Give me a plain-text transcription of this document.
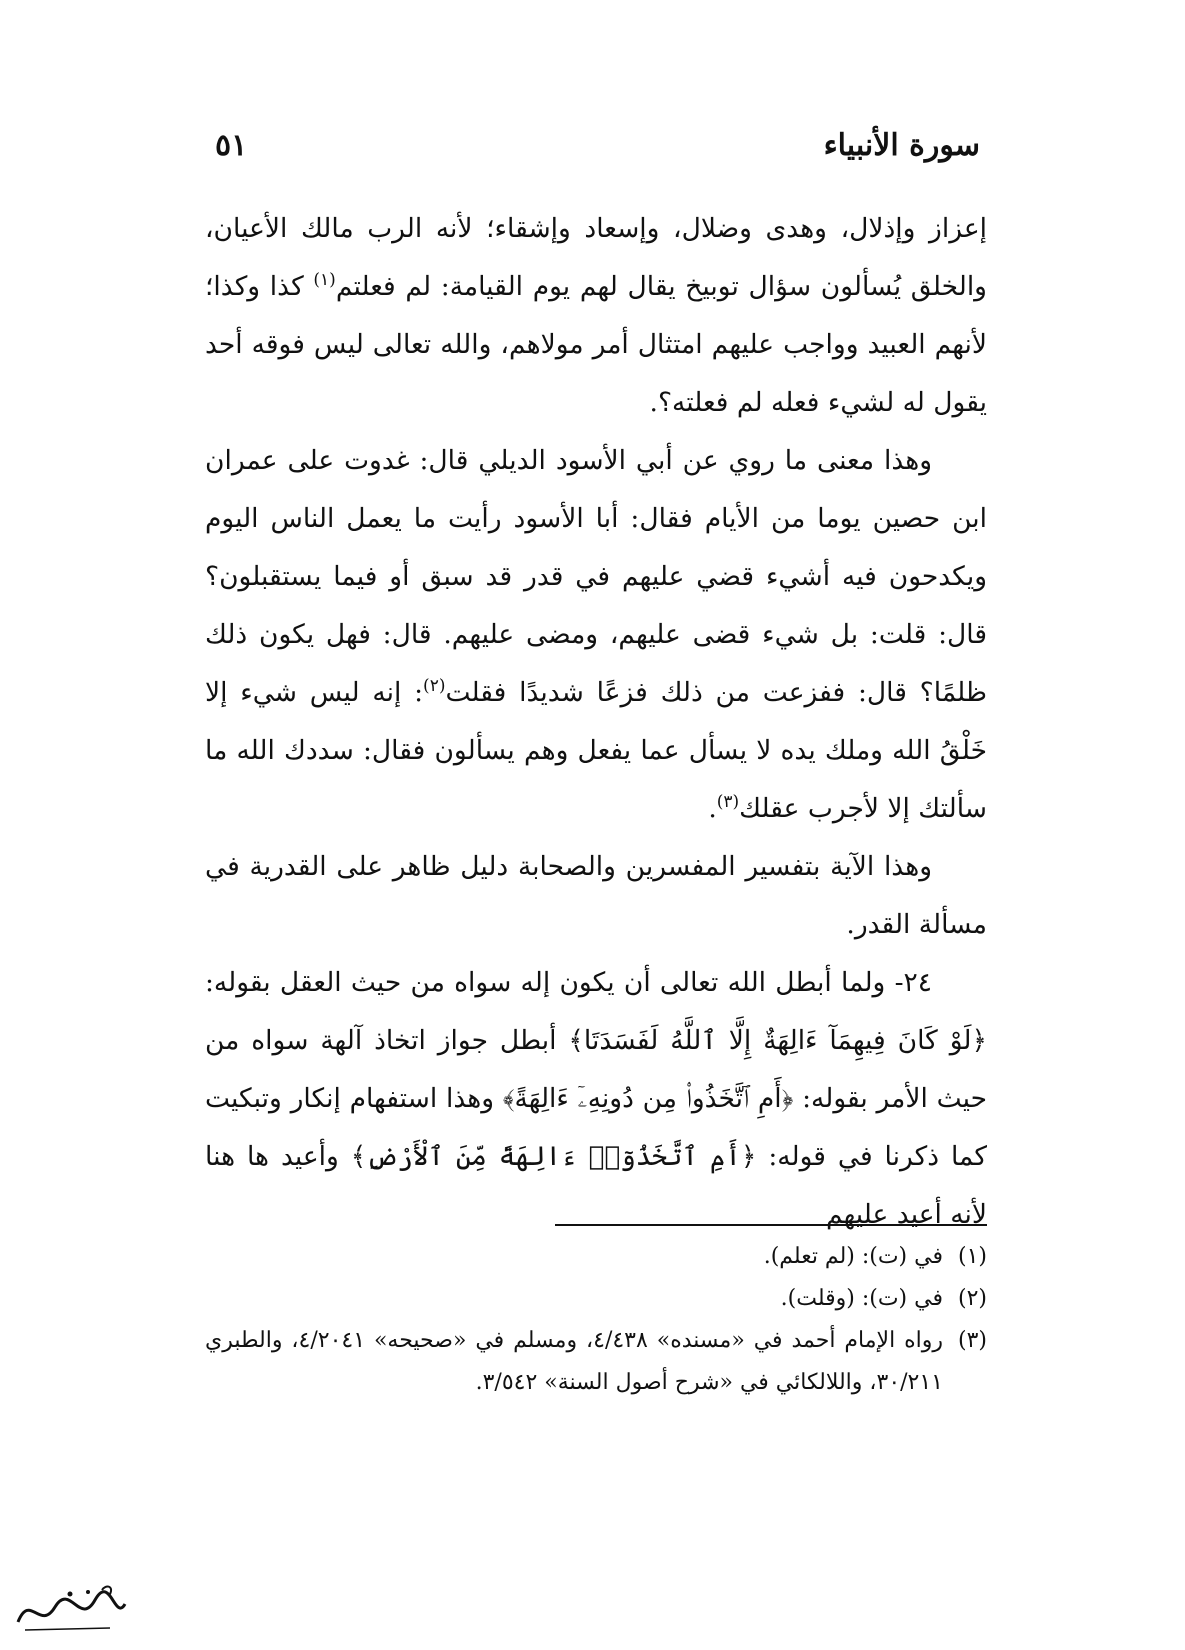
سورة الأنبياء
٥١

إعزاز وإذلال، وهدى وضلال، وإسعاد وإشقاء؛ لأنه الرب مالك الأعيان، والخلق يُسألون سؤال توبيخ يقال لهم يوم القيامة: لم فعلتم$^{(١)}$ كذا وكذا؛ لأنهم العبيد وواجب عليهم امتثال أمر مولاهم، والله تعالى ليس فوقه أحد يقول له لشيء فعله لم فعلته؟.

وهذا معنى ما روي عن أبي الأسود الديلي قال: غدوت على عمران ابن حصين يوما من الأيام فقال: أبا الأسود رأيت ما يعمل الناس اليوم ويكدحون فيه أشيء قضي عليهم في قدر قد سبق أو فيما يستقبلون؟ قال: قلت: بل شيء قضى عليهم، ومضى عليهم. قال: فهل يكون ذلك ظلمًا؟ قال: ففزعت من ذلك فزعًا شديدًا فقلت$^{(٢)}$: إنه ليس شيء إلا خَلْقُ الله وملك يده لا يسأل عما يفعل وهم يسألون فقال: سددك الله ما سألتك إلا لأجرب عقلك$^{(٣)}$.

وهذا الآية بتفسير المفسرين والصحابة دليل ظاهر على القدرية في مسألة القدر.

٢٤- ولما أبطل الله تعالى أن يكون إله سواه من حيث العقل بقوله: ﴿لَوْ كَانَ فِيهِمَآ ءَالِهَةٌ إِلَّا ٱللَّهُ لَفَسَدَتَا﴾ أبطل جواز اتخاذ آلهة سواه من حيث الأمر بقوله: ﴿أَمِ ٱتَّخَذُوا۟ مِن دُونِهِۦٓ ءَالِهَةً﴾ وهذا استفهام إنكار وتبكيت كما ذكرنا في قوله: ﴿أَمِ ٱتَّخَذُوٓا۟ ءَالِهَةً مِّنَ ٱلْأَرْضِ﴾ وأعيد ها هنا لأنه أعيد عليهم

(١)
في (ت): (لم تعلم).
(٢)
في (ت): (وقلت).
(٣)
رواه الإمام أحمد في «مسنده» ٤/٤٣٨، ومسلم في «صحيحه» ٤/٢٠٤١، والطبري ٣٠/٢١١، واللالكائي في «شرح أصول السنة» ٣/٥٤٢.
